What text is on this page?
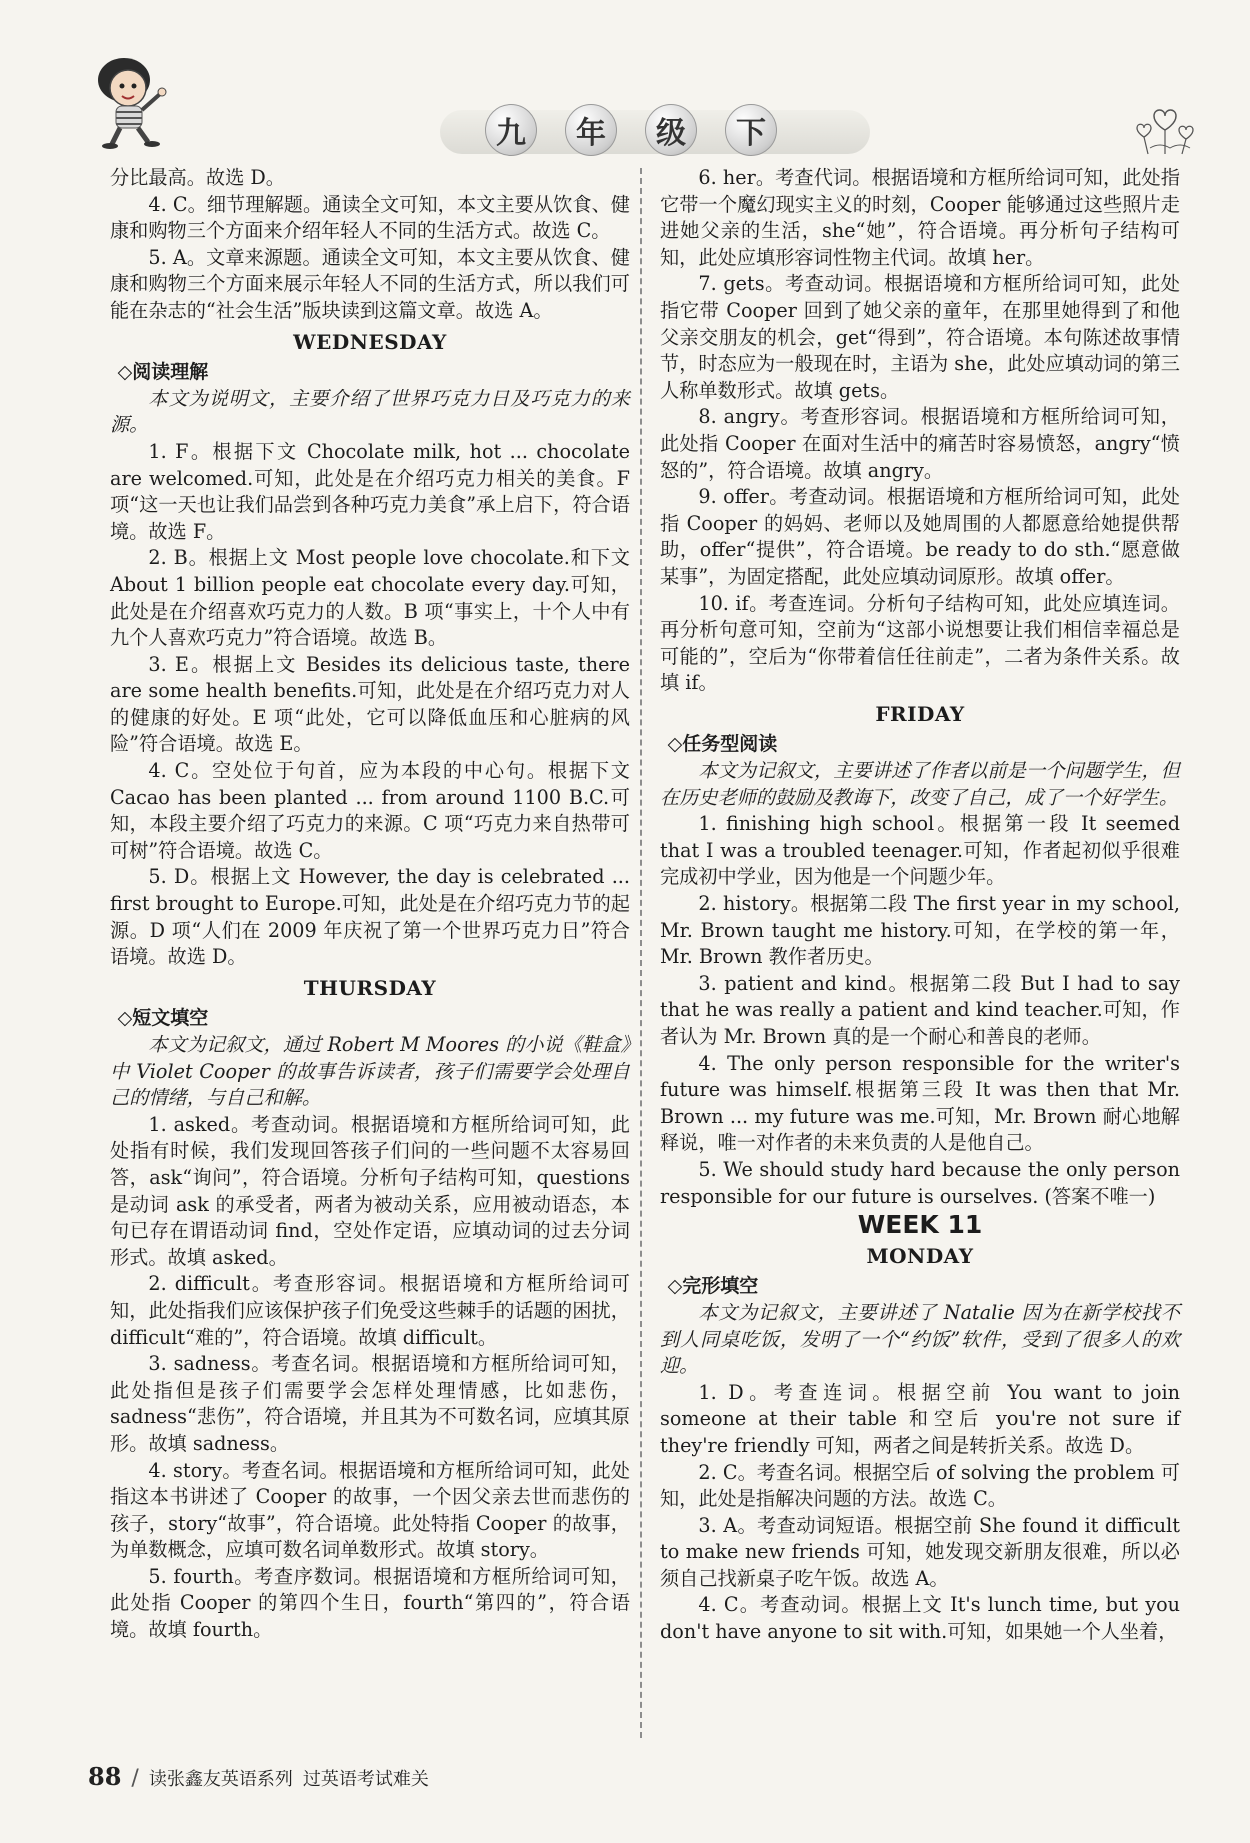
九	年	级	下

分比最高。故选 D。

4. C。细节理解题。通读全文可知，本文主要从饮食、健康和购物三个方面来介绍年轻人不同的生活方式。故选 C。

5. A。文章来源题。通读全文可知，本文主要从饮食、健康和购物三个方面来展示年轻人不同的生活方式，所以我们可能在杂志的“社会生活”版块读到这篇文章。故选 A。

WEDNESDAY

◇阅读理解

本文为说明文，主要介绍了世界巧克力日及巧克力的来源。

1. F。根据下文 Chocolate milk, hot ... chocolate are welcomed.可知，此处是在介绍巧克力相关的美食。F 项“这一天也让我们品尝到各种巧克力美食”承上启下，符合语境。故选 F。

2. B。根据上文 Most people love chocolate.和下文 About 1 billion people eat chocolate every day.可知，此处是在介绍喜欢巧克力的人数。B 项“事实上，十个人中有九个人喜欢巧克力”符合语境。故选 B。

3. E。根据上文 Besides its delicious taste, there are some health benefits.可知，此处是在介绍巧克力对人的健康的好处。E 项“此处，它可以降低血压和心脏病的风险”符合语境。故选 E。

4. C。空处位于句首，应为本段的中心句。根据下文 Cacao has been planted ... from around 1100 B.C.可知，本段主要介绍了巧克力的来源。C 项“巧克力来自热带可可树”符合语境。故选 C。

5. D。根据上文 However, the day is celebrated ... first brought to Europe.可知，此处是在介绍巧克力节的起源。D 项“人们在 2009 年庆祝了第一个世界巧克力日”符合语境。故选 D。

THURSDAY

◇短文填空

本文为记叙文，通过 Robert M Moores 的小说《鞋盒》中 Violet Cooper 的故事告诉读者，孩子们需要学会处理自己的情绪，与自己和解。

1. asked。考查动词。根据语境和方框所给词可知，此处指有时候，我们发现回答孩子们问的一些问题不太容易回答，ask“询问”，符合语境。分析句子结构可知，questions 是动词 ask 的承受者，两者为被动关系，应用被动语态，本句已存在谓语动词 find，空处作定语，应填动词的过去分词形式。故填 asked。

2. difficult。考查形容词。根据语境和方框所给词可知，此处指我们应该保护孩子们免受这些棘手的话题的困扰，difficult“难的”，符合语境。故填 difficult。

3. sadness。考查名词。根据语境和方框所给词可知，此处指但是孩子们需要学会怎样处理情感，比如悲伤，sadness“悲伤”，符合语境，并且其为不可数名词，应填其原形。故填 sadness。

4. story。考查名词。根据语境和方框所给词可知，此处指这本书讲述了 Cooper 的故事，一个因父亲去世而悲伤的孩子，story“故事”，符合语境。此处特指 Cooper 的故事，为单数概念，应填可数名词单数形式。故填 story。

5. fourth。考查序数词。根据语境和方框所给词可知，此处指 Cooper 的第四个生日，fourth“第四的”，符合语境。故填 fourth。

6. her。考查代词。根据语境和方框所给词可知，此处指它带一个魔幻现实主义的时刻，Cooper 能够通过这些照片走进她父亲的生活，she“她”，符合语境。再分析句子结构可知，此处应填形容词性物主代词。故填 her。

7. gets。考查动词。根据语境和方框所给词可知，此处指它带 Cooper 回到了她父亲的童年，在那里她得到了和他父亲交朋友的机会，get“得到”，符合语境。本句陈述故事情节，时态应为一般现在时，主语为 she，此处应填动词的第三人称单数形式。故填 gets。

8. angry。考查形容词。根据语境和方框所给词可知，此处指 Cooper 在面对生活中的痛苦时容易愤怒，angry“愤怒的”，符合语境。故填 angry。

9. offer。考查动词。根据语境和方框所给词可知，此处指 Cooper 的妈妈、老师以及她周围的人都愿意给她提供帮助，offer“提供”，符合语境。be ready to do sth.“愿意做某事”，为固定搭配，此处应填动词原形。故填 offer。

10. if。考查连词。分析句子结构可知，此处应填连词。再分析句意可知，空前为“这部小说想要让我们相信幸福总是可能的”，空后为“你带着信任往前走”，二者为条件关系。故填 if。

FRIDAY

◇任务型阅读

本文为记叙文，主要讲述了作者以前是一个问题学生，但在历史老师的鼓励及教诲下，改变了自己，成了一个好学生。

1. finishing high school。根据第一段 It seemed that I was a troubled teenager.可知，作者起初似乎很难完成初中学业，因为他是一个问题少年。

2. history。根据第二段 The first year in my school, Mr. Brown taught me history.可知，在学校的第一年，Mr. Brown 教作者历史。

3. patient and kind。根据第二段 But I had to say that he was really a patient and kind teacher.可知，作者认为 Mr. Brown 真的是一个耐心和善良的老师。

4. The only person responsible for the writer's future was himself.根据第三段 It was then that Mr. Brown ... my future was me.可知，Mr. Brown 耐心地解释说，唯一对作者的未来负责的人是他自己。

5. We should study hard because the only person responsible for our future is ourselves. (答案不唯一)

WEEK 11
MONDAY

◇完形填空

本文为记叙文，主要讲述了 Natalie 因为在新学校找不到人同桌吃饭，发明了一个“约饭”软件，受到了很多人的欢迎。

1. D。考查连词。根据空前 You want to join someone at their table 和空后 you're not sure if they're friendly 可知，两者之间是转折关系。故选 D。

2. C。考查名词。根据空后 of solving the problem 可知，此处是指解决问题的方法。故选 C。

3. A。考查动词短语。根据空前 She found it difficult to make new friends 可知，她发现交新朋友很难，所以必须自己找新桌子吃午饭。故选 A。

4. C。考查动词。根据上文 It's lunch time, but you don't have anyone to sit with.可知，如果她一个人坐着，

88 / 读张鑫友英语系列 过英语考试难关
